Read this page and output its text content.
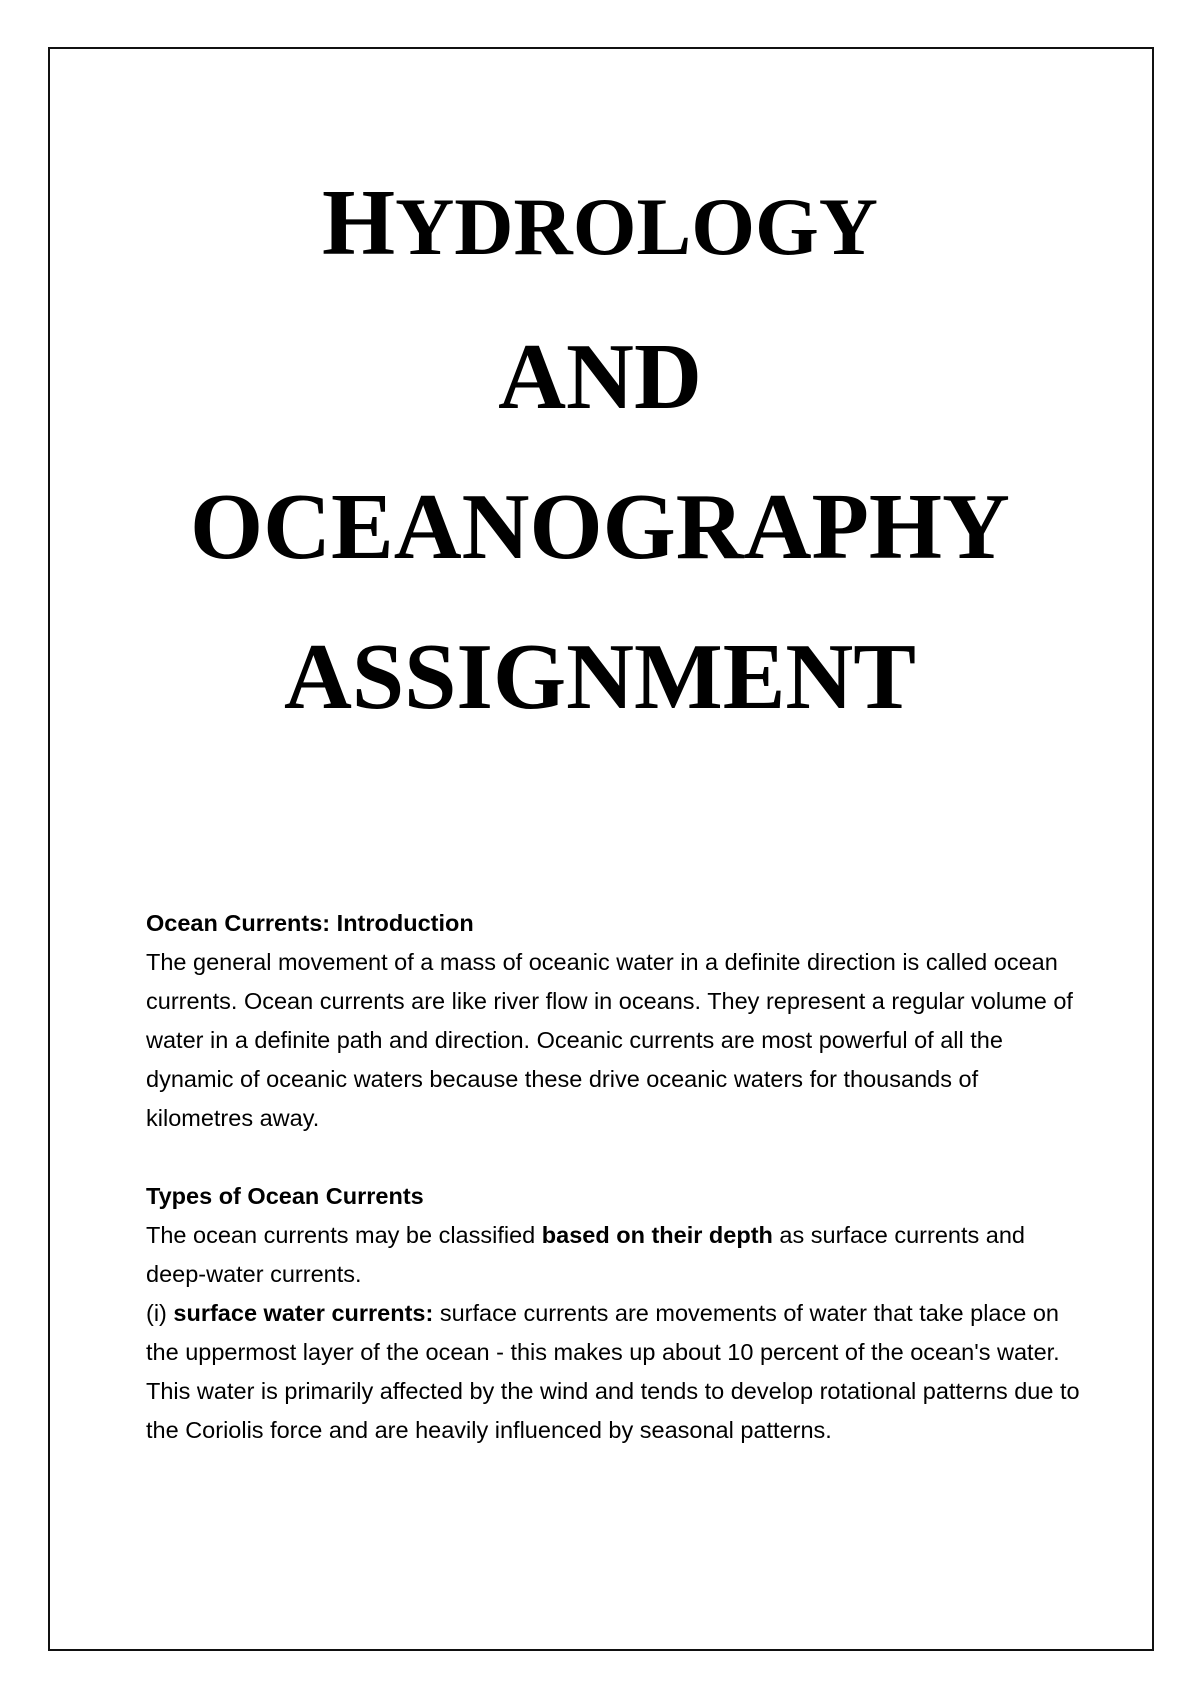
HYDROLOGY
AND
OCEANOGRAPHY
ASSIGNMENT

Ocean Currents: Introduction

The general movement of a mass of oceanic water in a definite direction is called ocean currents. Ocean currents are like river flow in oceans. They represent a regular volume of water in a definite path and direction. Oceanic currents are most powerful of all the dynamic of oceanic waters because these drive oceanic waters for thousands of kilometres away.

Types of Ocean Currents

The ocean currents may be classified based on their depth as surface currents and deep-water currents.

(i) surface water currents: surface currents are movements of water that take place on the uppermost layer of the ocean - this makes up about 10 percent of the ocean's water. This water is primarily affected by the wind and tends to develop rotational patterns due to the Coriolis force and are heavily influenced by seasonal patterns.
